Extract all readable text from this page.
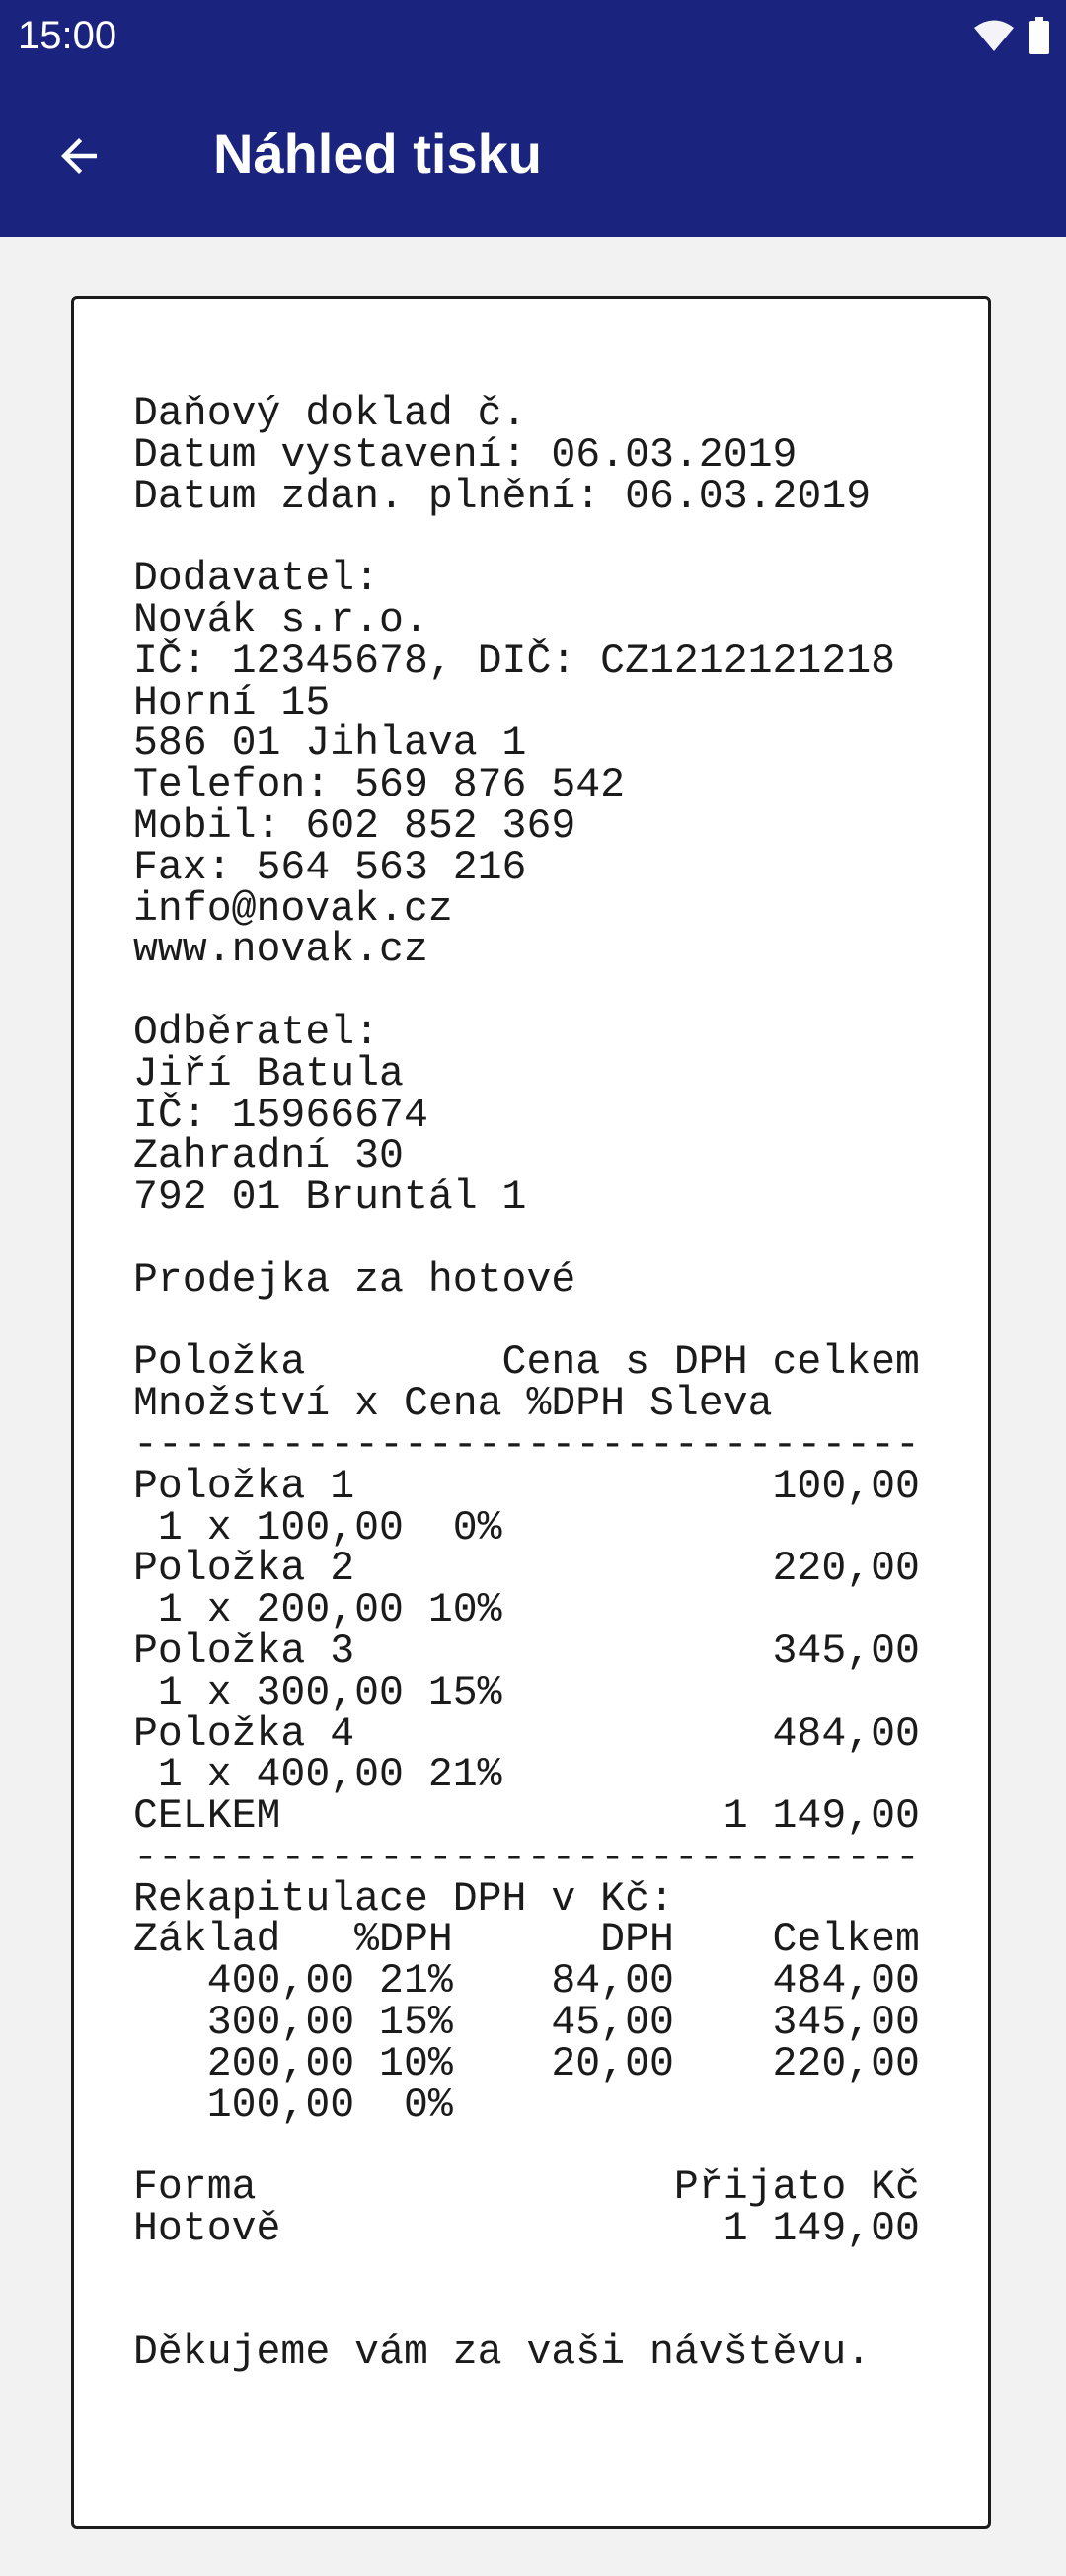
15:00
Náhled tisku
Daňový doklad č.
Datum vystavení: 06.03.2019
Datum zdan. plnění: 06.03.2019
Dodavatel:
Novák s.r.o.
IČ: 12345678, DIČ: CZ1212121218
Horní 15
586 01 Jihlava 1
Telefon: 569 876 542
Mobil: 602 852 369
Fax: 564 563 216
info@novak.cz
www.novak.cz
Odběratel:
Jiří Batula
IČ: 15966674
Zahradní 30
792 01 Bruntál 1
Prodejka za hotové
Položka        Cena s DPH celkem
Množství x Cena %DPH Sleva
--------------------------------
Položka 1                 100,00
1 x 100,00  0%
Položka 2                 220,00
1 x 200,00 10%
Položka 3                 345,00
1 x 300,00 15%
Položka 4                 484,00
1 x 400,00 21%
CELKEM                  1 149,00
--------------------------------
Rekapitulace DPH v Kč:
Základ   %DPH      DPH    Celkem
400,00 21%    84,00    484,00
300,00 15%    45,00    345,00
200,00 10%    20,00    220,00
100,00  0%
Forma                 Přijato Kč
Hotově                  1 149,00
Děkujeme vám za vaši návštěvu.
